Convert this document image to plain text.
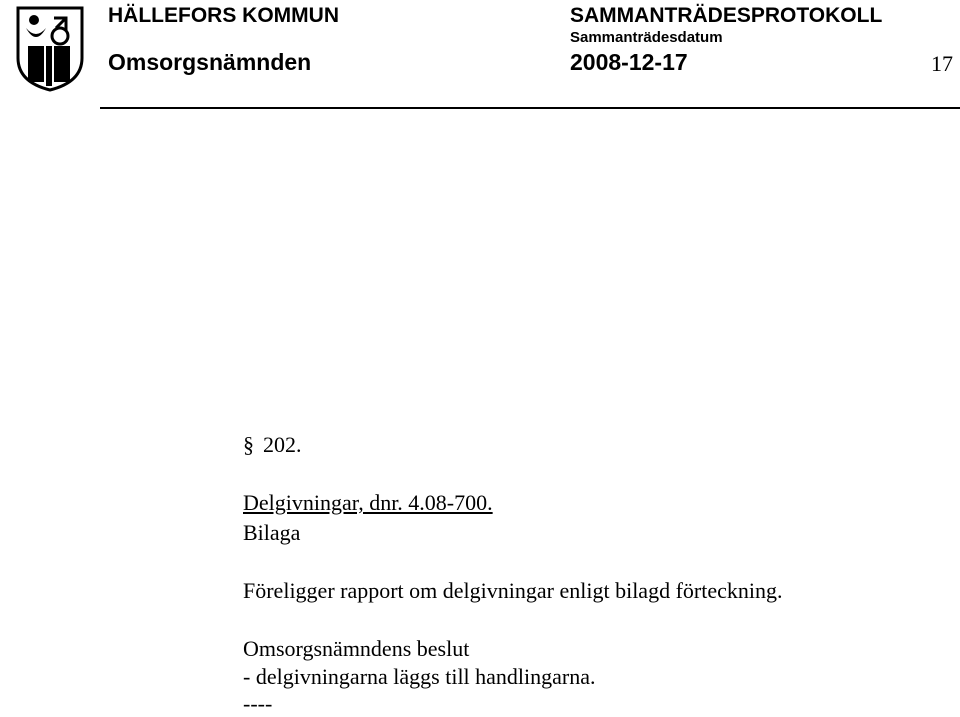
HÄLLEFORS KOMMUN
Omsorgsnämnden
SAMMANTRÄDESPROTOKOLL
Sammanträdesdatum
2008-12-17	17
§ 202.
Delgivningar, dnr. 4.08-700.
Bilaga
Föreligger rapport om delgivningar enligt bilagd förteckning.
Omsorgsnämndens beslut
- delgivningarna läggs till handlingarna.
----
